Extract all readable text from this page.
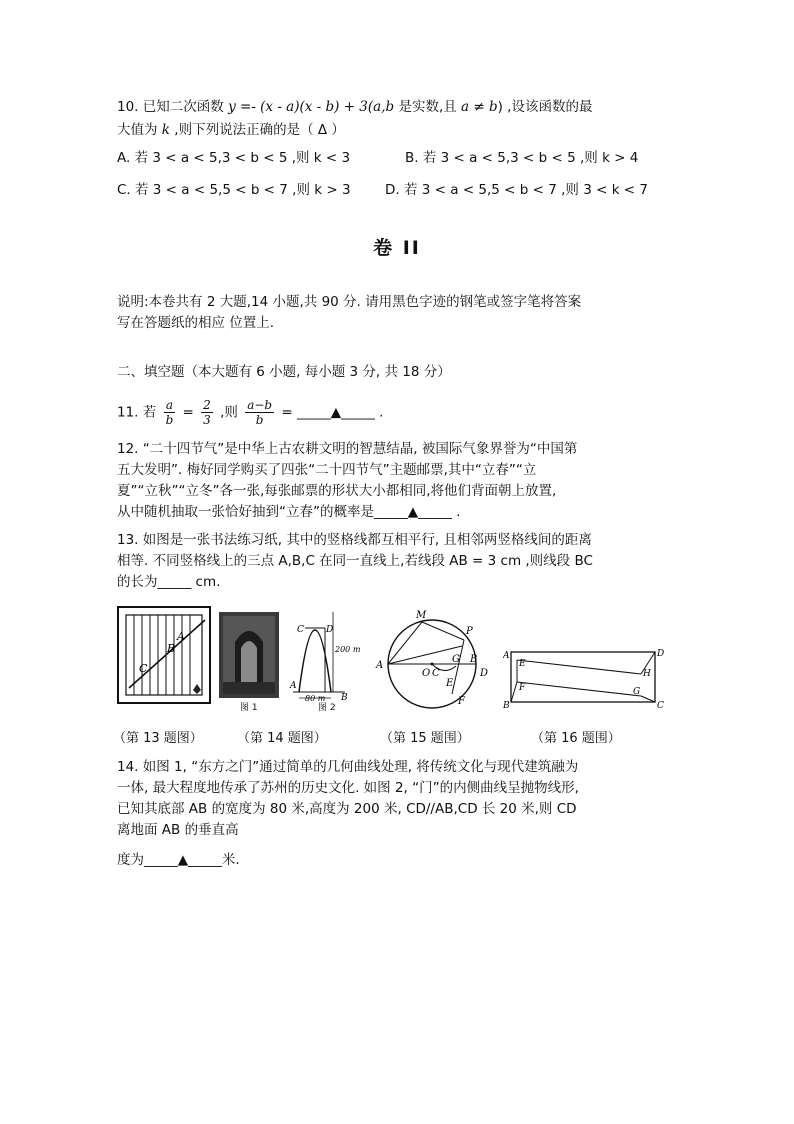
10. 已知二次函数 y =- (x - a)(x - b) + 3(a,b 是实数,且 a ≠ b) ,设该函数的最
大值为 k ,则下列说法正确的是（ Δ ）
A. 若 3 < a < 5,3 < b < 5 ,则 k < 3	B. 若 3 < a < 5,3 < b < 5 ,则 k > 4
C. 若 3 < a < 5,5 < b < 7 ,则 k > 3	D. 若 3 < a < 5,5 < b < 7 ,则 3 < k < 7
卷 II
说明:本卷共有 2 大题,14 小题,共 90 分. 请用黑色字迹的钢笔或签字笔将答案
写在答题纸的相应 位置上.
二、填空题（本大题有 6 小题, 每小题 3 分, 共 18 分）
11. 若 $\frac{a}{b} = \frac{2}{3}$ ,则 $\frac{a-b}{b}$ = _____▲_____ .
12. “二十四节气”是中华上古农耕文明的智慧结晶, 被国际气象界誉为“中国第
五大发明”. 梅好同学购买了四张“二十四节气”主题邮票,其中“立春”“立
夏”“立秋”“立冬”各一张,每张邮票的形状大小都相同,将他们背面朝上放置,
从中随机抽取一张恰好抽到“立春”的概率是_____▲_____ .
13. 如图是一张书法练习纸, 其中的竖格线都互相平行, 且相邻两竖格线间的距离
相等. 不同竖格线上的三点 A,B,C 在同一直线上,若线段 AB = 3 cm ,则线段 BC
的长为_____ cm.
A
B
C
图 1
C D
A
B
200 m
80 m
图 2
M
P
A
O C
G B
D
E
F
A	D
E
H
F	G
B	C
（第 13 题图）	（第 14 题图）	（第 15 题围）	（第 16 题围）
14. 如图 1, “东方之门”通过简单的几何曲线处理, 将传统文化与现代建筑融为
一体, 最大程度地传承了苏州的历史文化. 如图 2, “门”的内侧曲线呈抛物线形,
已知其底部 AB 的宽度为 80 米,高度为 200 米, CD//AB,CD 长 20 米,则 CD
离地面 AB 的垂直高
度为_____▲_____米.
